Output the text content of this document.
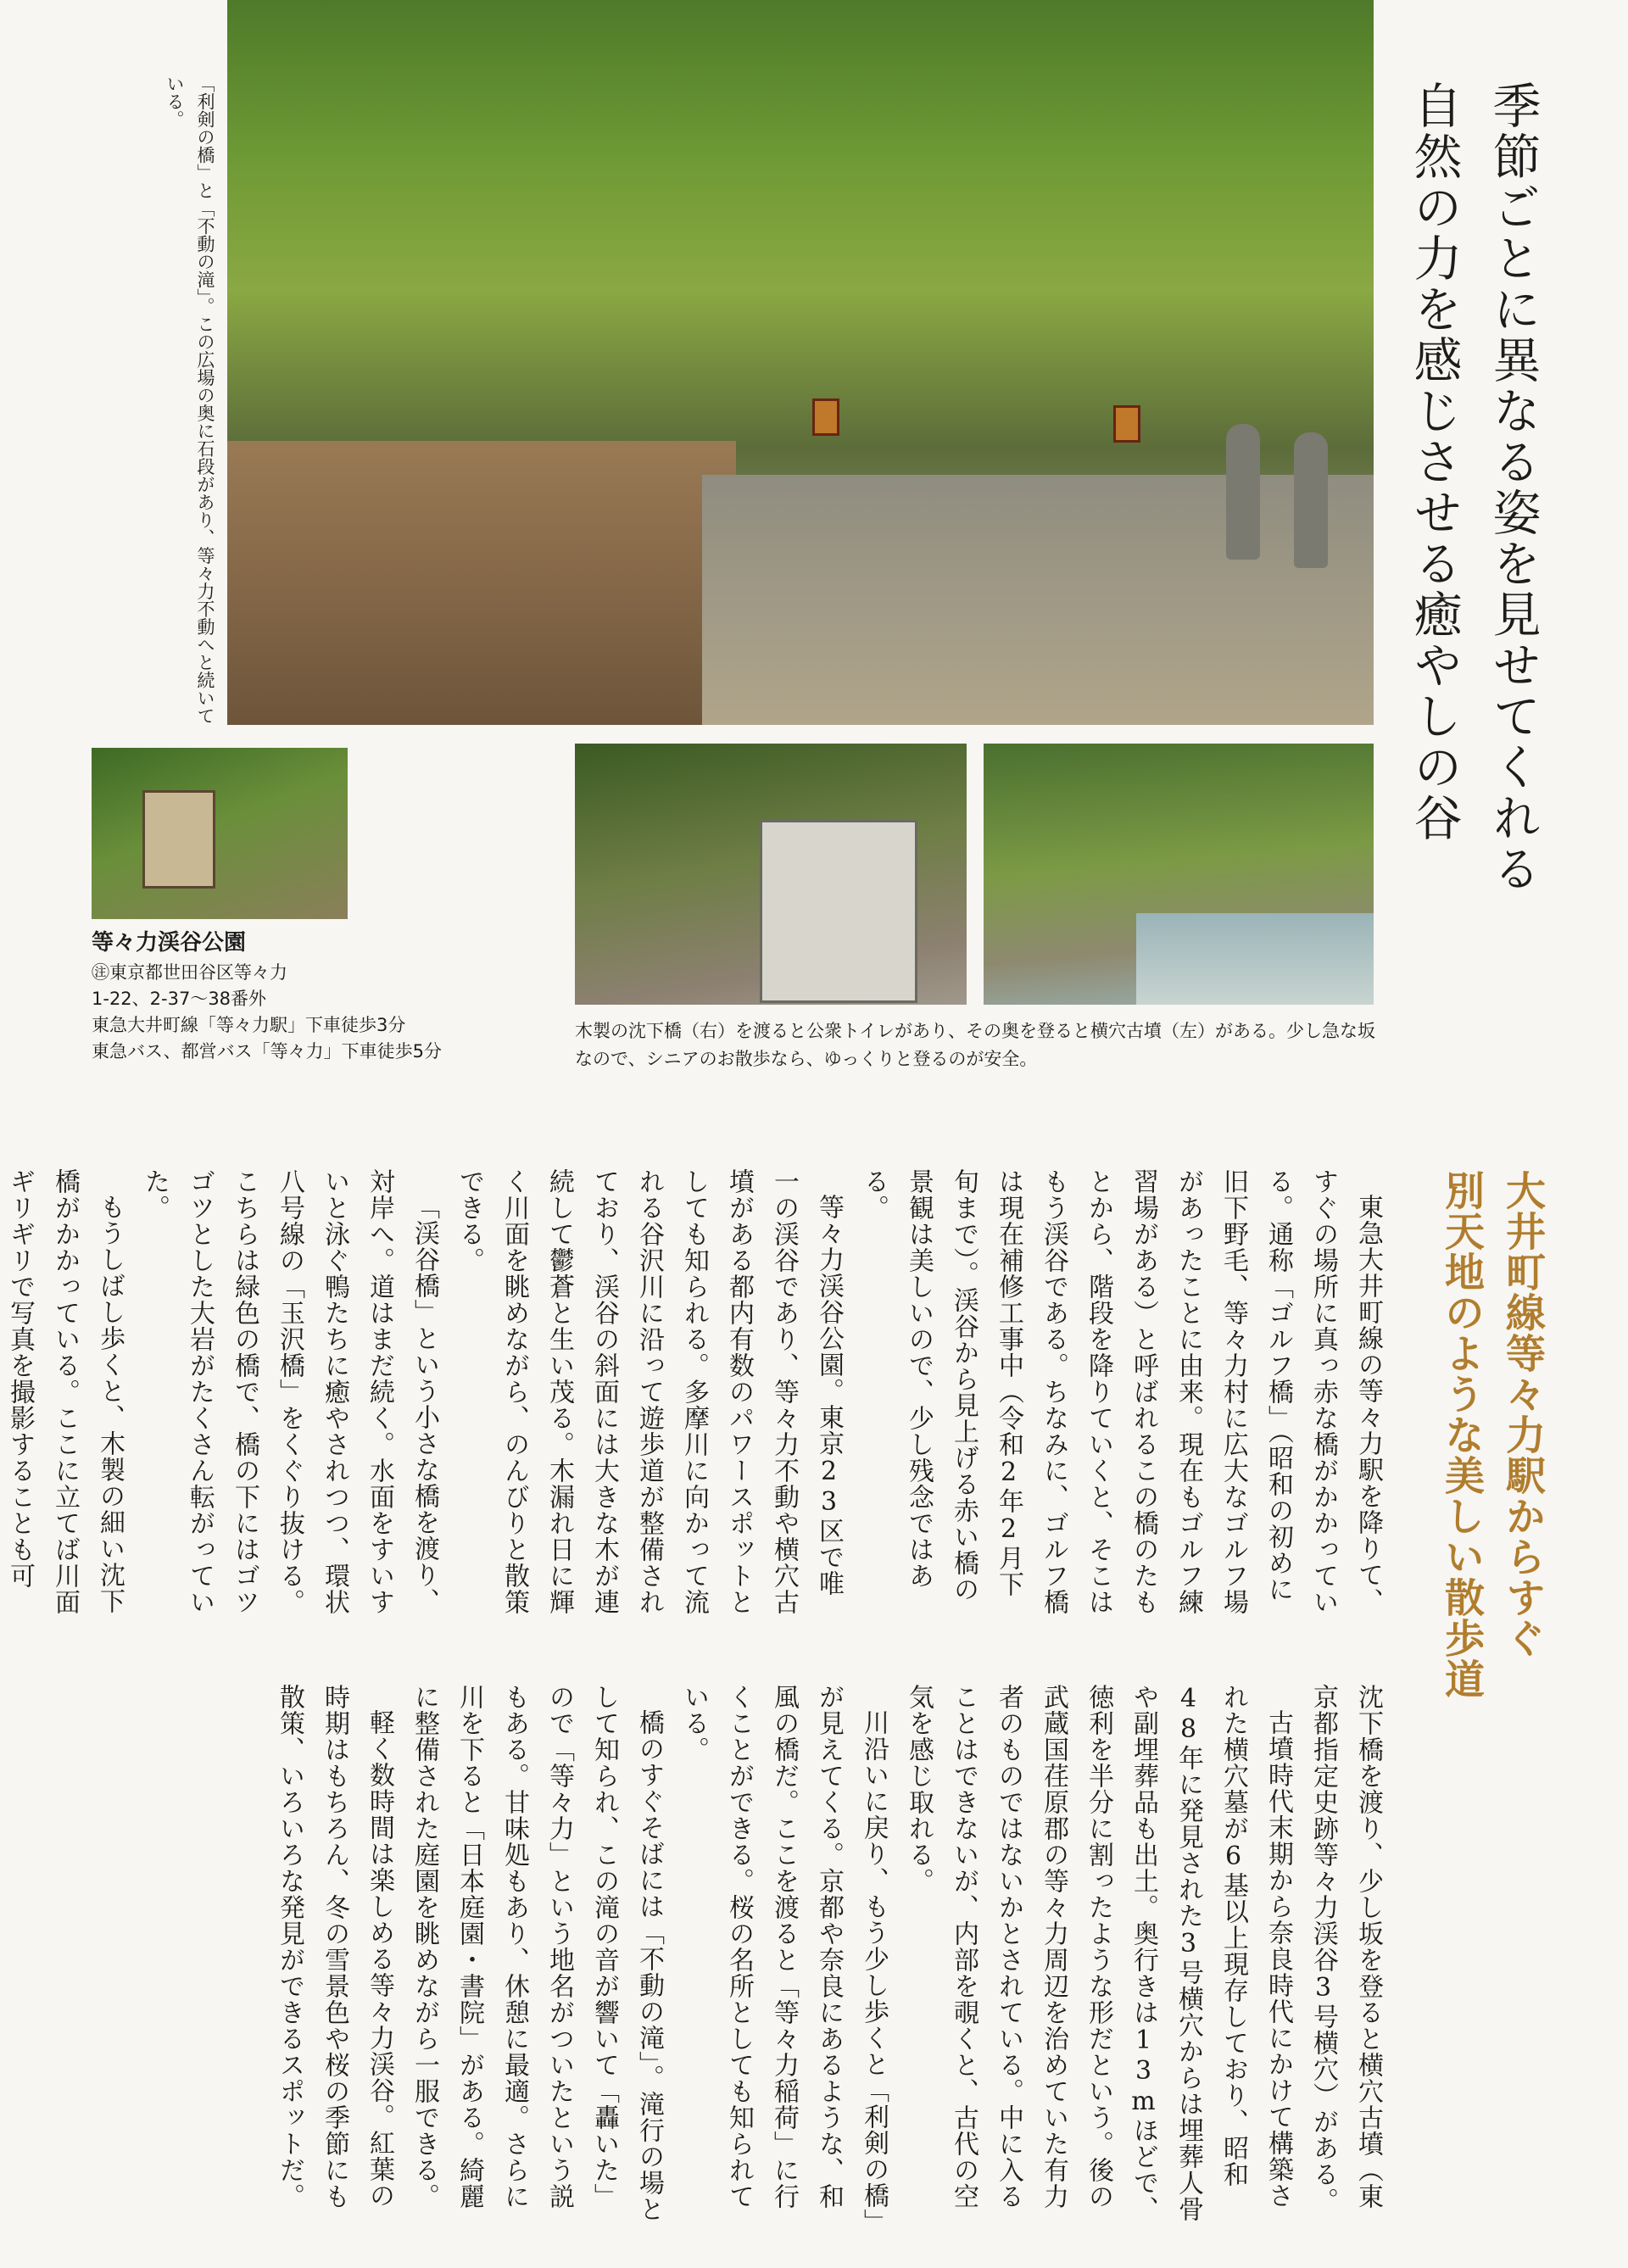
季節ごとに異なる姿を見せてくれる
自然の力を感じさせる癒やしの谷
「利剣の橋」と「不動の滝」。この広場の奥に石段があり、等々力不動へと続いている。
等々力渓谷公園
㊟東京都世田谷区等々力
1-22、2-37〜38番外
東急大井町線「等々力駅」下車徒歩3分
東急バス、都営バス「等々力」下車徒歩5分
木製の沈下橋（右）を渡ると公衆トイレがあり、その奥を登ると横穴古墳（左）がある。少し急な坂なので、シニアのお散歩なら、ゆっくりと登るのが安全。
大井町線等々力駅からすぐ
別天地のような美しい散歩道

東急大井町線の等々力駅を降りて、すぐの場所に真っ赤な橋がかかっている。通称「ゴルフ橋」（昭和の初めに旧下野毛、等々力村に広大なゴルフ場があったことに由来。現在もゴルフ練習場がある）と呼ばれるこの橋のたもとから、階段を降りていくと、そこはもう渓谷である。ちなみに、ゴルフ橋は現在補修工事中（令和2年2月下旬まで）。渓谷から見上げる赤い橋の景観は美しいので、少し残念ではある。

等々力渓谷公園。東京23区で唯一の渓谷であり、等々力不動や横穴古墳がある都内有数のパワースポットとしても知られる。多摩川に向かって流れる谷沢川に沿って遊歩道が整備されており、渓谷の斜面には大きな木が連続して鬱蒼と生い茂る。木漏れ日に輝く川面を眺めながら、のんびりと散策できる。

「渓谷橋」という小さな橋を渡り、対岸へ。道はまだ続く。水面をすいすいと泳ぐ鴨たちに癒やされつつ、環状八号線の「玉沢橋」をくぐり抜ける。こちらは緑色の橋で、橋の下にはゴツゴツとした大岩がたくさん転がっていた。

もうしばし歩くと、木製の細い沈下橋がかかっている。ここに立てば川面ギリギリで写真を撮影することも可

沈下橋を渡り、少し坂を登ると横穴古墳（東京都指定史跡等々力渓谷3号横穴）がある。

古墳時代末期から奈良時代にかけて構築された横穴墓が6基以上現存しており、昭和48年に発見された3号横穴からは埋葬人骨や副埋葬品も出土。奥行きは13mほどで、徳利を半分に割ったような形だという。後の武蔵国荏原郡の等々力周辺を治めていた有力者のものではないかとされている。中に入ることはできないが、内部を覗くと、古代の空気を感じ取れる。

川沿いに戻り、もう少し歩くと「利剣の橋」が見えてくる。京都や奈良にあるような、和風の橋だ。ここを渡ると「等々力稲荷」に行くことができる。桜の名所としても知られている。

橋のすぐそばには「不動の滝」。滝行の場として知られ、この滝の音が響いて「轟いた」ので「等々力」という地名がついたという説もある。甘味処もあり、休憩に最適。さらに川を下ると「日本庭園・書院」がある。綺麗に整備された庭園を眺めながら一服できる。

軽く数時間は楽しめる等々力渓谷。紅葉の時期はもちろん、冬の雪景色や桜の季節にも散策、いろいろな発見ができるスポットだ。
